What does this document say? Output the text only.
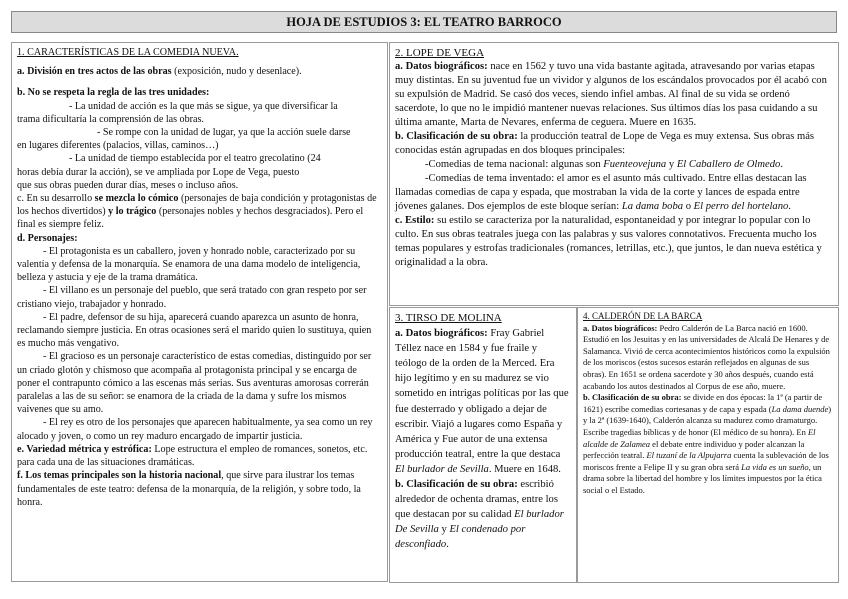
HOJA DE ESTUDIOS 3: EL TEATRO BARROCO
1. CARACTERÍSTICAS DE LA COMEDIA NUEVA.

a. División en tres actos de las obras (exposición, nudo y desenlace).

b. No se respeta la regla de las tres unidades:

- La unidad de acción es la que más se sigue, ya que diversificar la

trama dificultaría la comprensión de las obras.

- Se rompe con la unidad de lugar, ya que la acción suele darse

en lugares diferentes (palacios, villas, caminos…)

- La unidad de tiempo establecida por el teatro grecolatino (24

horas debía durar la acción), se ve ampliada por Lope de Vega, puesto

que sus obras pueden durar días, meses o incluso años.

c. En su desarrollo se mezcla lo cómico (personajes de baja condición y protagonistas de los hechos divertidos) y lo trágico (personajes nobles y hechos desgraciados). Pero el final es siempre feliz.

d. Personajes:

- El protagonista es un caballero, joven y honrado noble, caracterizado por su valentía y defensa de la monarquía. Se enamora de una dama modelo de inteligencia, belleza y astucia y eje de la trama dramática.

- El villano es un personaje del pueblo, que será tratado con gran respeto por ser cristiano viejo, trabajador y honrado.

- El padre, defensor de su hija, aparecerá cuando aparezca un asunto de honra, reclamando siempre justicia. En otras ocasiones será el marido quien lo sustituya, quien es mucho más vengativo.

- El gracioso es un personaje característico de estas comedias, distinguido por ser un criado glotón y chismoso que acompaña al protagonista principal y se encarga de poner el contrapunto cómico a las escenas más serias. Sus aventuras amorosas correrán paralelas a las de su señor: se enamora de la criada de la dama y sufre los mismos vaivenes que su amo.

- El rey es otro de los personajes que aparecen habitualmente, ya sea como un rey alocado y joven, o como un rey maduro encargado de impartir justicia.

e. Variedad métrica y estrófica: Lope estructura el empleo de romances, sonetos, etc. para cada una de las situaciones dramáticas.

f. Los temas principales son la historia nacional, que sirve para ilustrar los temas fundamentales de este teatro: defensa de la monarquía, de la religión, y sobre todo, la honra.

2. LOPE DE VEGA

a. Datos biográficos: nace en 1562 y tuvo una vida bastante agitada, atravesando por varias etapas muy distintas. En su juventud fue un vividor y algunos de los escándalos provocados por él acabó con su expulsión de Madrid. Se casó dos veces, siendo infiel ambas. Al final de su vida se ordenó sacerdote, lo que no le impidió mantener nuevas relaciones. Sus últimos días los pasa cuidando a su última amante, Marta de Nevares, enferma de ceguera. Muere en 1635.

b. Clasificación de su obra: la producción teatral de Lope de Vega es muy extensa. Sus obras más conocidas están agrupadas en dos bloques principales:

-Comedias de tema nacional: algunas son Fuenteovejuna y El Caballero de Olmedo.

-Comedias de tema inventado: el amor es el asunto más cultivado. Entre ellas destacan las llamadas comedias de capa y espada, que mostraban la vida de la corte y lances de espada entre jóvenes galanes. Dos ejemplos de este bloque serían: La dama boba o El perro del hortelano.

c. Estilo: su estilo se caracteriza por la naturalidad, espontaneidad y por integrar lo popular con lo culto. En sus obras teatrales juega con las palabras y sus valores connotativos. Frecuenta mucho los temas populares y estrofas tradicionales (romances, letrillas, etc.), que juntos, le dan nueva estética y originalidad a la obra.

3. TIRSO DE MOLINA

a. Datos biográficos: Fray Gabriel Téllez nace en 1584 y fue fraile y teólogo de la orden de la Merced. Era hijo legítimo y en su madurez se vio sometido en intrigas políticas por las que fue desterrado y obligado a dejar de escribir. Viajó a lugares como España y América y Fue autor de una extensa producción teatral, entre la que destaca El burlador de Sevilla. Muere en 1648.

b. Clasificación de su obra: escribió alrededor de ochenta dramas, entre los que destacan por su calidad El burlador De Sevilla y El condenado por desconfiado.

4. CALDERÓN DE LA BARCA

a. Datos biográficos: Pedro Calderón de La Barca nació en 1600. Estudió en los Jesuitas y en las universidades de Alcalá De Henares y de Salamanca. Vivió de cerca acontecimientos históricos como la expulsión de los moriscos (estos sucesos estarán reflejados en algunas de sus obras). En 1651 se ordena sacerdote y 30 años después, cuando está acabando los autos destinados al Corpus de ese año, muere.

b. Clasificación de su obra: se divide en dos épocas: la 1ª (a partir de 1621) escribe comedias cortesanas y de capa y espada (La dama duende) y la 2ª (1639-1640), Calderón alcanza su madurez como dramaturgo. Escribe tragedias bíblicas y de honor (El médico de su honra). En El alcalde de Zalamea el debate entre individuo y poder alcanzan la perfección teatral. El tuzaní de la Alpujarra cuenta la sublevación de los moriscos frente a Felipe II y su gran obra será La vida es un sueño, un drama sobre la libertad del hombre y los límites impuestos por la ética social o el Estado.
